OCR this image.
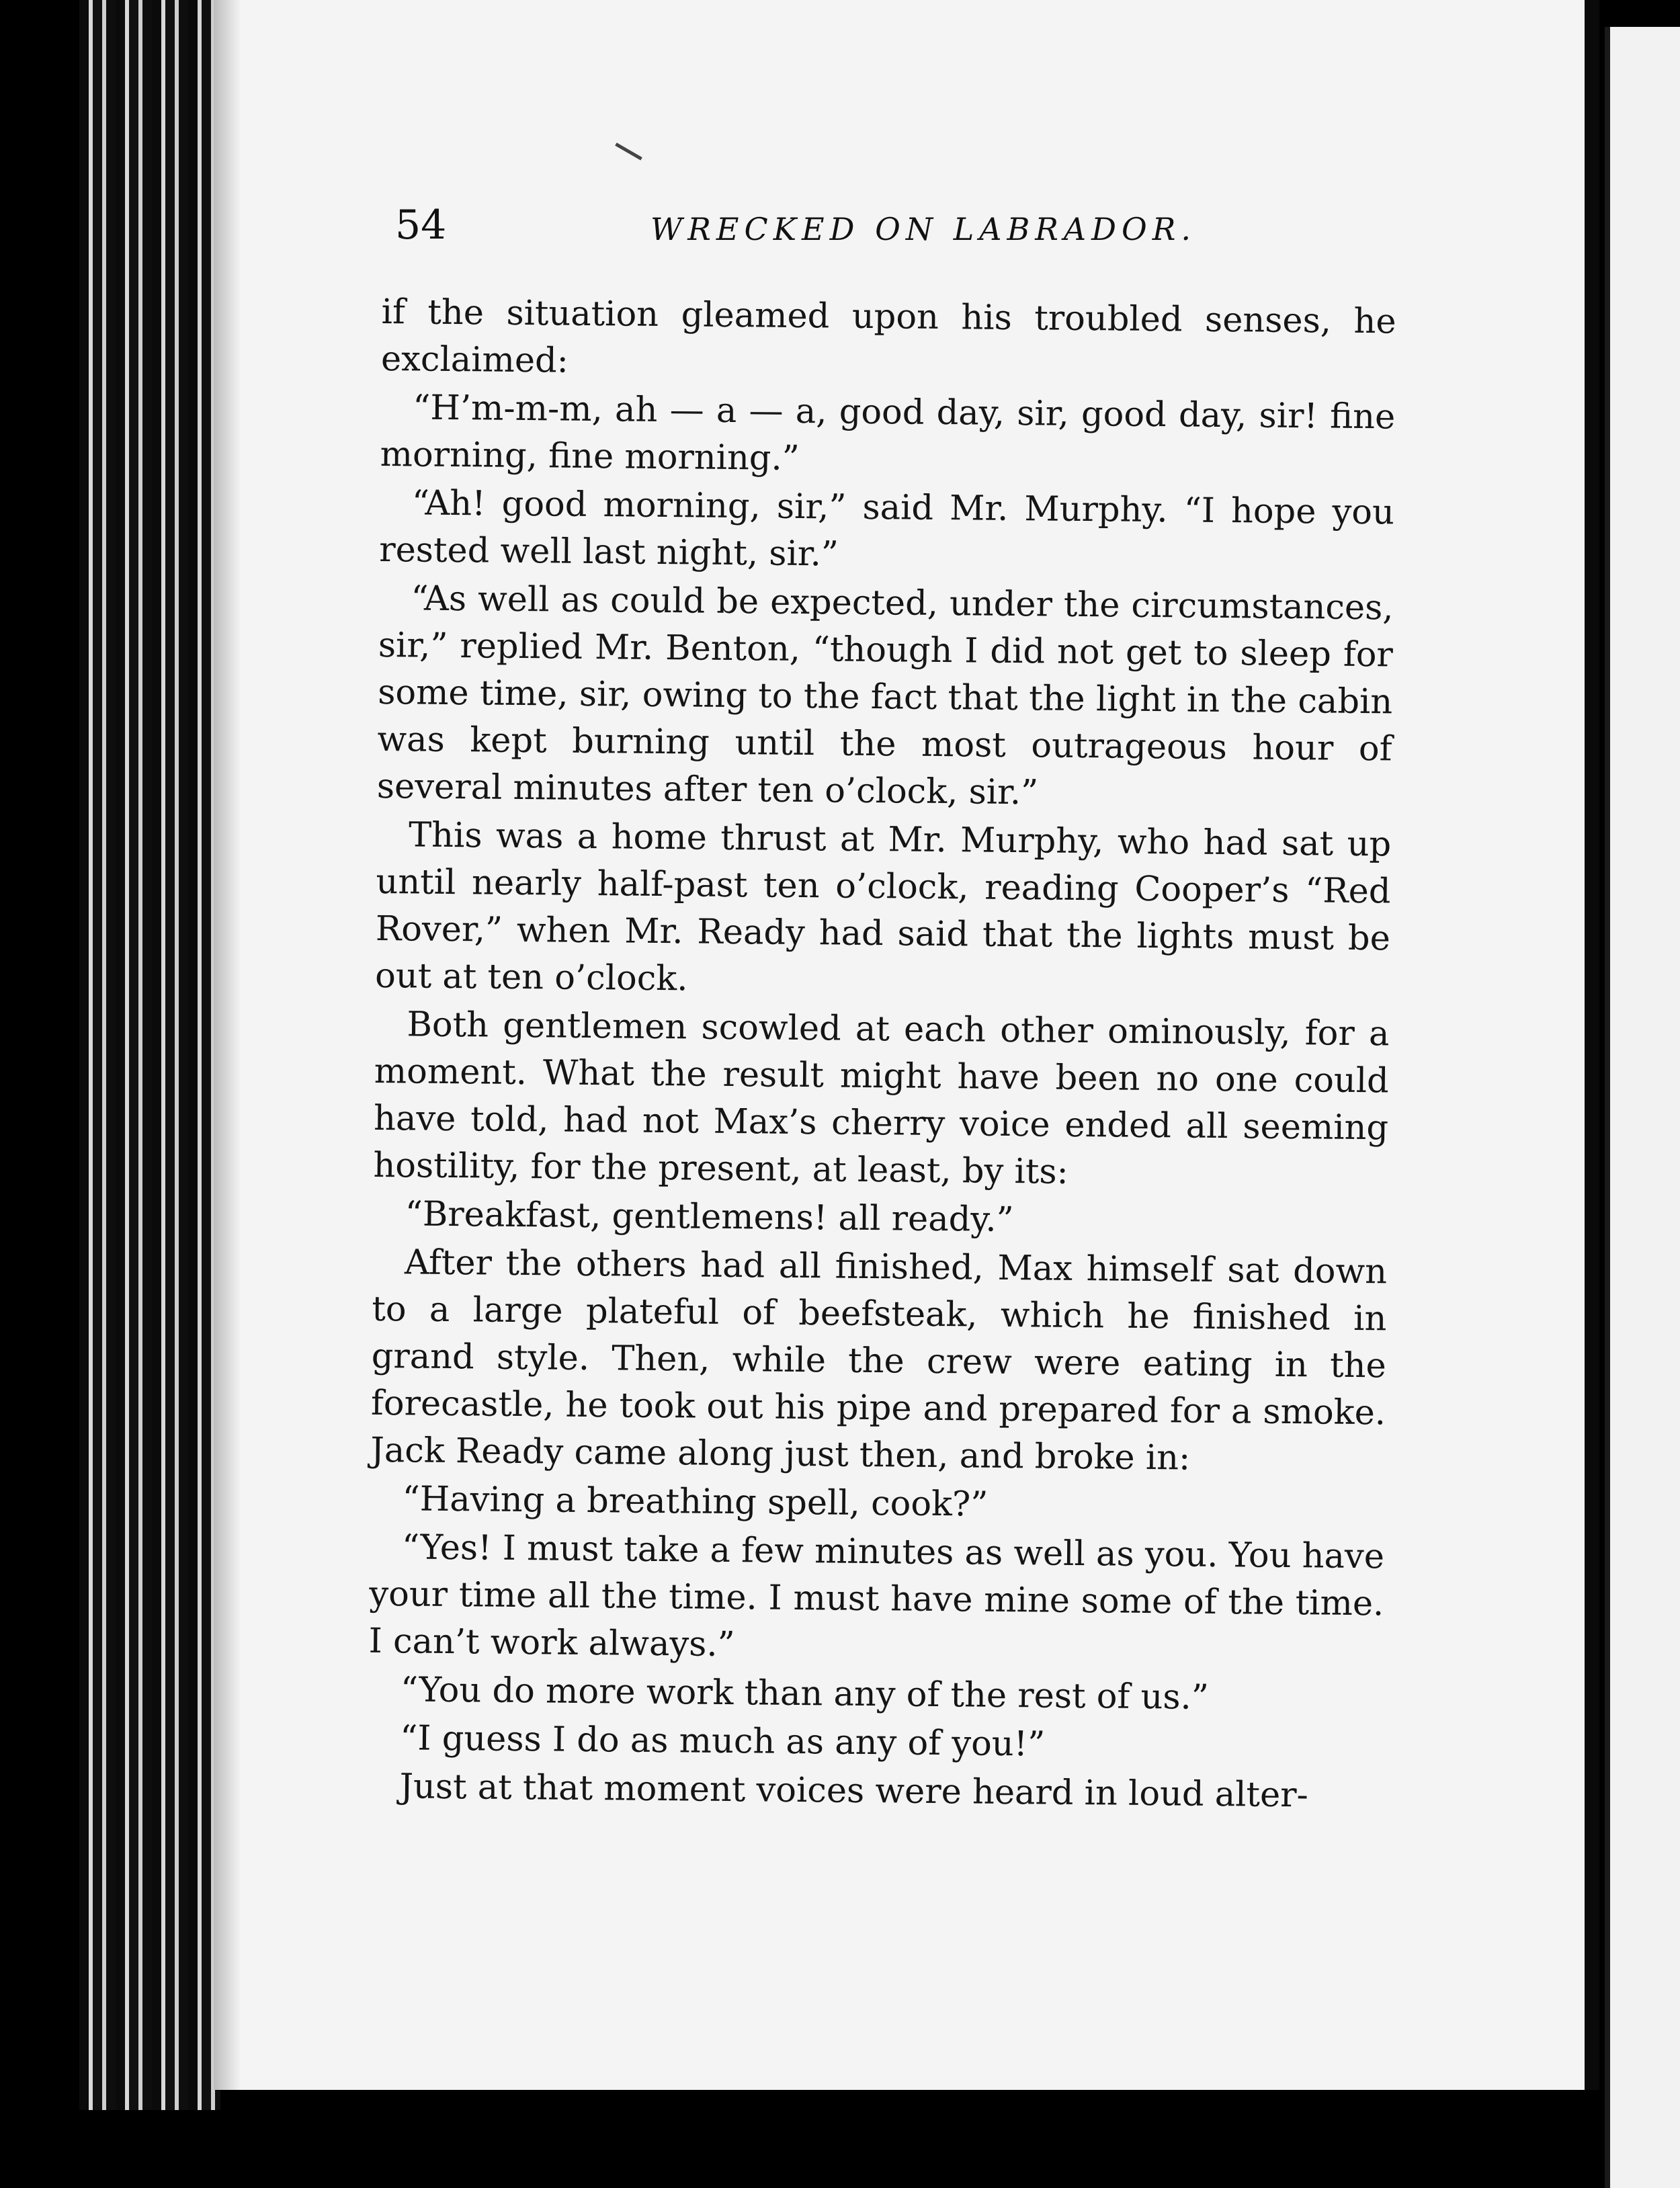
54	WRECKED ON LABRADOR.

if the situation gleamed upon his troubled senses, he exclaimed:

“H’m-m-m, ah — a — a, good day, sir, good day, sir! fine morning, fine morning.”

“Ah! good morning, sir,” said Mr. Murphy. “I hope you rested well last night, sir.”

“As well as could be expected, under the circumstances, sir,” replied Mr. Benton, “though I did not get to sleep for some time, sir, owing to the fact that the light in the cabin was kept burning until the most outrageous hour of several minutes after ten o’clock, sir.”

This was a home thrust at Mr. Murphy, who had sat up until nearly half-past ten o’clock, reading Cooper’s “Red Rover,” when Mr. Ready had said that the lights must be out at ten o’clock.

Both gentlemen scowled at each other ominously, for a moment. What the result might have been no one could have told, had not Max’s cherry voice ended all seeming hostility, for the present, at least, by its:

“Breakfast, gentlemens! all ready.”

After the others had all finished, Max himself sat down to a large plateful of beefsteak, which he finished in grand style. Then, while the crew were eating in the forecastle, he took out his pipe and prepared for a smoke. Jack Ready came along just then, and broke in:

“Having a breathing spell, cook?”

“Yes! I must take a few minutes as well as you. You have your time all the time. I must have mine some of the time. I can’t work always.”

“You do more work than any of the rest of us.”

“I guess I do as much as any of you!”

Just at that moment voices were heard in loud alter-
